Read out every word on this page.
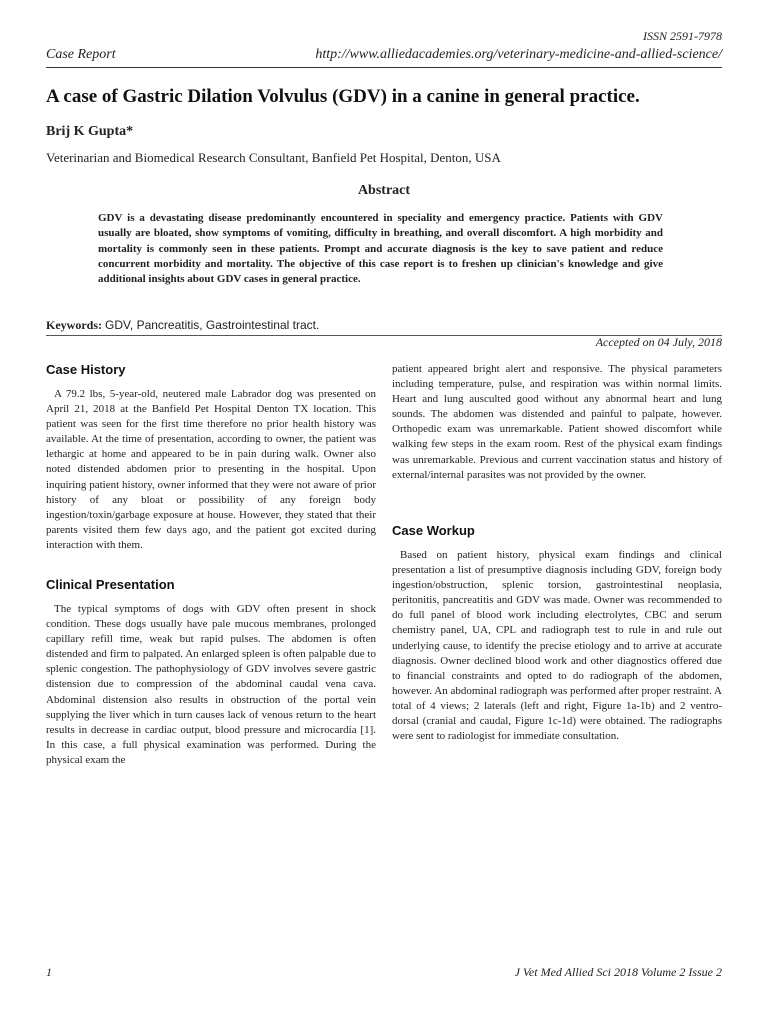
ISSN 2591-7978
Case Report	http://www.alliedacademies.org/veterinary-medicine-and-allied-science/
A case of Gastric Dilation Volvulus (GDV) in a canine in general practice.
Brij K Gupta*
Veterinarian and Biomedical Research Consultant, Banfield Pet Hospital, Denton, USA
Abstract
GDV is a devastating disease predominantly encountered in speciality and emergency practice. Patients with GDV usually are bloated, show symptoms of vomiting, difficulty in breathing, and overall discomfort. A high morbidity and mortality is commonly seen in these patients. Prompt and accurate diagnosis is the key to save patient and reduce concurrent morbidity and mortality. The objective of this case report is to freshen up clinician's knowledge and give additional insights about GDV cases in general practice.
Keywords: GDV, Pancreatitis, Gastrointestinal tract.
Accepted on 04 July, 2018
Case History

A 79.2 lbs, 5-year-old, neutered male Labrador dog was presented on April 21, 2018 at the Banfield Pet Hospital Denton TX location. This patient was seen for the first time therefore no prior health history was available. At the time of presentation, according to owner, the patient was lethargic at home and appeared to be in pain during walk. Owner also noted distended abdomen prior to presenting in the hospital. Upon inquiring patient history, owner informed that they were not aware of prior history of any bloat or possibility of any foreign body ingestion/toxin/garbage exposure at house. However, they stated that their parents visited them few days ago, and the patient got excited during interaction with them.

Clinical Presentation

The typical symptoms of dogs with GDV often present in shock condition. These dogs usually have pale mucous membranes, prolonged capillary refill time, weak but rapid pulses. The abdomen is often distended and firm to palpated. An enlarged spleen is often palpable due to splenic congestion. The pathophysiology of GDV involves severe gastric distension due to compression of the abdominal caudal vena cava. Abdominal distension also results in obstruction of the portal vein supplying the liver which in turn causes lack of venous return to the heart results in decrease in cardiac output, blood pressure and microcardia [1]. In this case, a full physical examination was performed. During the physical exam the

patient appeared bright alert and responsive. The physical parameters including temperature, pulse, and respiration was within normal limits. Heart and lung ausculted good without any abnormal heart and lung sounds. The abdomen was distended and painful to palpate, however. Orthopedic exam was unremarkable. Patient showed discomfort while walking few steps in the exam room. Rest of the physical exam findings was unremarkable. Previous and current vaccination status and history of external/internal parasites was not provided by the owner.

Case Workup

Based on patient history, physical exam findings and clinical presentation a list of presumptive diagnosis including GDV, foreign body ingestion/obstruction, splenic torsion, gastrointestinal neoplasia, peritonitis, pancreatitis and GDV was made. Owner was recommended to do full panel of blood work including electrolytes, CBC and serum chemistry panel, UA, CPL and radiograph test to rule in and rule out underlying cause, to identify the precise etiology and to arrive at accurate diagnosis. Owner declined blood work and other diagnostics offered due to financial constraints and opted to do radiograph of the abdomen, however. An abdominal radiograph was performed after proper restraint. A total of 4 views; 2 laterals (left and right, Figure 1a-1b) and 2 ventro-dorsal (cranial and caudal, Figure 1c-1d) were obtained. The radiographs were sent to radiologist for immediate consultation.

1	J Vet Med Allied Sci 2018 Volume 2 Issue 2
